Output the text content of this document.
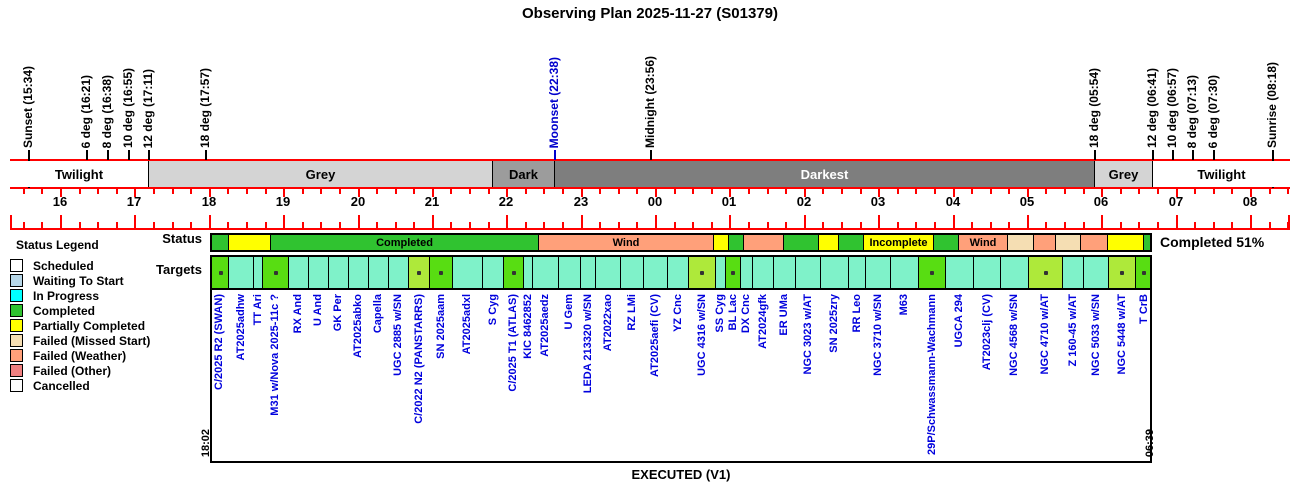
Observing Plan 2025-11-27 (S01379)
Sunset (15:34)	6 deg (16:21) 8 deg (16:38) 10 deg (16:55) 12 deg (17:11)	18 deg (17:57)	Moonset (22:38)	Midnight (23:56)	18 deg (05:54)	12 deg (06:41) 10 deg (06:57) 8 deg (07:13) 6 deg (07:30)	Sunrise (08:18)
Twilight	Grey	Dark	Darkest	Grey	Twilight
16	17	18	19	20	21	22	23	00	01	02	03	04	05	06	07	08
Status
Targets
Completed	Wind	Incomplete	Wind	Completed 51%
C/2025 R2 (SWAN) AT2025adhw TT Ari M31 w/Nova 2025-11c ? RX And U And GK Per AT2025abko Capella UGC 2885 w/SN C/2022 N2 (PANSTARRS) SN 2025aam AT2025adxl S Cyg C/2025 T1 (ATLAS) KIC 8462852 AT2025aedz U Gem LEDA 213320 w/SN AT2022xao RZ LMi AT2025aefi (CV) YZ Cnc UGC 4316 w/SN SS Cyg BL Lac DX Cnc AT2024gfk ER UMa NGC 3023 w/AT SN 2025zry RR Leo NGC 3710 w/SN M63 29P/Schwassmann-Wachmann UGCA 294 AT2023clj (CV) NGC 4568 w/SN NGC 4710 w/AT Z 160-45 w/AT NGC 5033 w/SN NGC 5448 w/AT T CrB
18:02	06:39
EXECUTED (V1)
Status Legend
Scheduled
Waiting To Start
In Progress
Completed
Partially Completed
Failed (Missed Start)
Failed (Weather)
Failed (Other)
Cancelled
